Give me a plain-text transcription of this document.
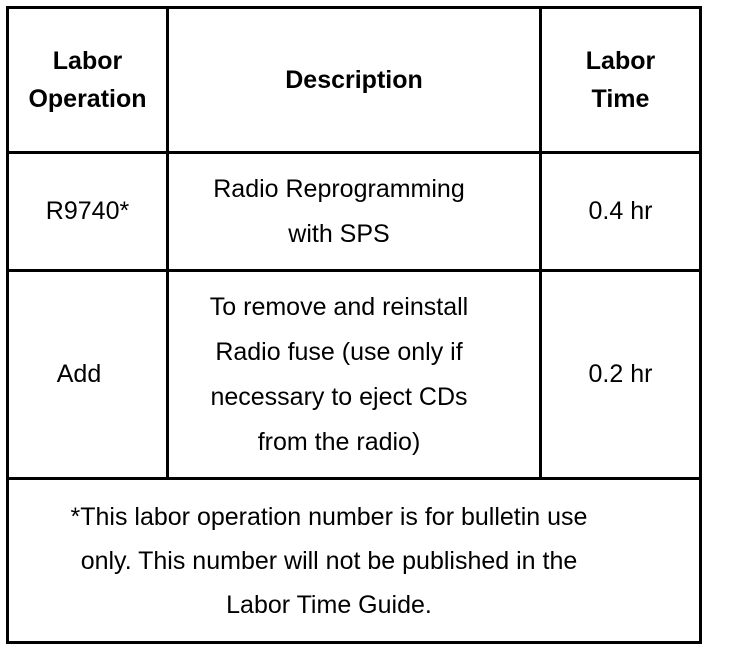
Labor
Operation
Description
Labor
Time
R9740*
Radio Reprogramming
with SPS
0.4 hr
Add
To remove and reinstall
Radio fuse (use only if
necessary to eject CDs
from the radio)
0.2 hr
*This labor operation number is for bulletin use
only. This number will not be published in the
Labor Time Guide.
